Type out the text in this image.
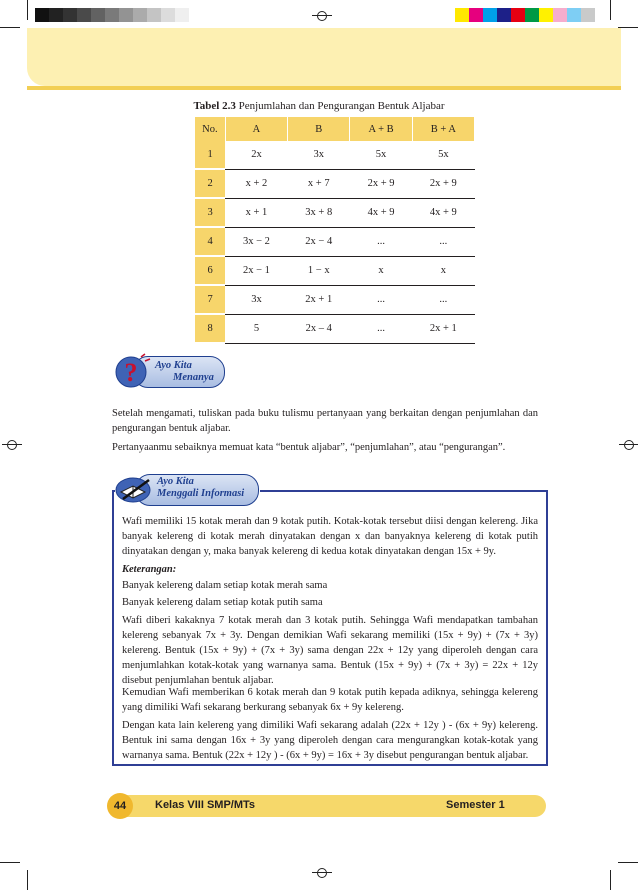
Tabel 2.3 Penjumlahan dan Pengurangan Bentuk Aljabar
No.	A	B	A + B	B + A
1	2x	3x	5x	5x
2	x + 2	x + 7	2x + 9	2x + 9
3	x + 1	3x + 8	4x + 9	4x + 9
4	3x − 2	2x − 4	...	...
6	2x − 1	1 − x	x	x
7	3x	2x + 1	...	...
8	5	2x – 4	...	2x + 1
? Ayo Kita
Menanya
Setelah mengamati, tuliskan pada buku tulismu pertanyaan yang berkaitan dengan penjumlahan dan pengurangan bentuk aljabar.
Pertanyaanmu sebaiknya memuat kata “bentuk aljabar”, “penjumlahan”, atau “pengurangan”.
Wafi memiliki 15 kotak merah dan 9 kotak putih. Kotak-kotak tersebut diisi dengan kelereng. Jika banyak kelereng di kotak merah dinyatakan dengan x dan banyaknya kelereng di kotak putih dinyatakan dengan y, maka banyak kelereng di kedua kotak dinyatakan dengan 15x + 9y.
Keterangan:
Banyak kelereng dalam setiap kotak merah sama
Banyak kelereng dalam setiap kotak putih sama
Wafi diberi kakaknya 7 kotak merah dan 3 kotak putih. Sehingga Wafi mendapatkan tambahan kelereng sebanyak 7x + 3y. Dengan demikian Wafi sekarang memiliki (15x + 9y) + (7x + 3y) kelereng. Bentuk (15x + 9y) + (7x + 3y) sama dengan 22x + 12y yang diperoleh dengan cara menjumlahkan kotak-kotak yang warnanya sama. Bentuk (15x + 9y) + (7x + 3y) = 22x + 12y disebut penjumlahan bentuk aljabar.
Kemudian Wafi memberikan 6 kotak merah dan 9 kotak putih kepada adiknya, sehingga kelereng yang dimiliki Wafi sekarang berkurang sebanyak 6x + 9y kelereng.
Dengan kata lain kelereng yang dimiliki Wafi sekarang adalah (22x + 12y ) - (6x + 9y) kelereng. Bentuk ini sama dengan 16x + 3y yang diperoleh dengan cara mengurangkan kotak-kotak yang warnanya sama. Bentuk (22x + 12y ) - (6x + 9y) = 16x + 3y disebut pengurangan bentuk aljabar.
Ayo Kita
Menggali Informasi
44	Kelas VIII SMP/MTs	Semester 1
